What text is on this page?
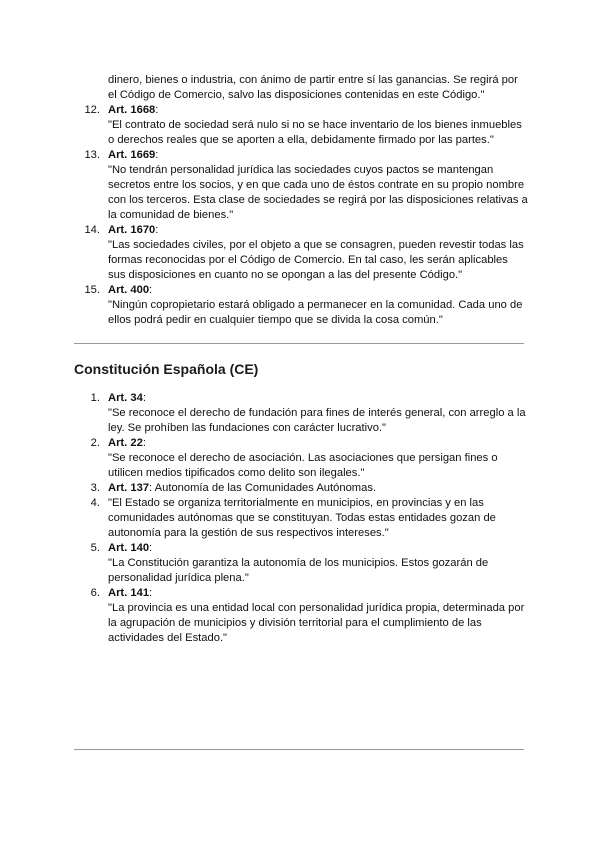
dinero, bienes o industria, con ánimo de partir entre sí las ganancias. Se regirá por el Código de Comercio, salvo las disposiciones contenidas en este Código."
12. Art. 1668:
"El contrato de sociedad será nulo si no se hace inventario de los bienes inmuebles o derechos reales que se aporten a ella, debidamente firmado por las partes."
13. Art. 1669:
"No tendrán personalidad jurídica las sociedades cuyos pactos se mantengan secretos entre los socios, y en que cada uno de éstos contrate en su propio nombre con los terceros. Esta clase de sociedades se regirá por las disposiciones relativas a la comunidad de bienes."
14. Art. 1670:
"Las sociedades civiles, por el objeto a que se consagren, pueden revestir todas las formas reconocidas por el Código de Comercio. En tal caso, les serán aplicables sus disposiciones en cuanto no se opongan a las del presente Código."
15. Art. 400:
"Ningún copropietario estará obligado a permanecer en la comunidad. Cada uno de ellos podrá pedir en cualquier tiempo que se divida la cosa común."
Constitución Española (CE)
1. Art. 34:
"Se reconoce el derecho de fundación para fines de interés general, con arreglo a la ley. Se prohíben las fundaciones con carácter lucrativo."
2. Art. 22:
"Se reconoce el derecho de asociación. Las asociaciones que persigan fines o utilicen medios tipificados como delito son ilegales."
3. Art. 137: Autonomía de las Comunidades Autónomas.
4. "El Estado se organiza territorialmente en municipios, en provincias y en las comunidades autónomas que se constituyan. Todas estas entidades gozan de autonomía para la gestión de sus respectivos intereses."
5. Art. 140:
"La Constitución garantiza la autonomía de los municipios. Estos gozarán de personalidad jurídica plena."
6. Art. 141:
"La provincia es una entidad local con personalidad jurídica propia, determinada por la agrupación de municipios y división territorial para el cumplimiento de las actividades del Estado."
